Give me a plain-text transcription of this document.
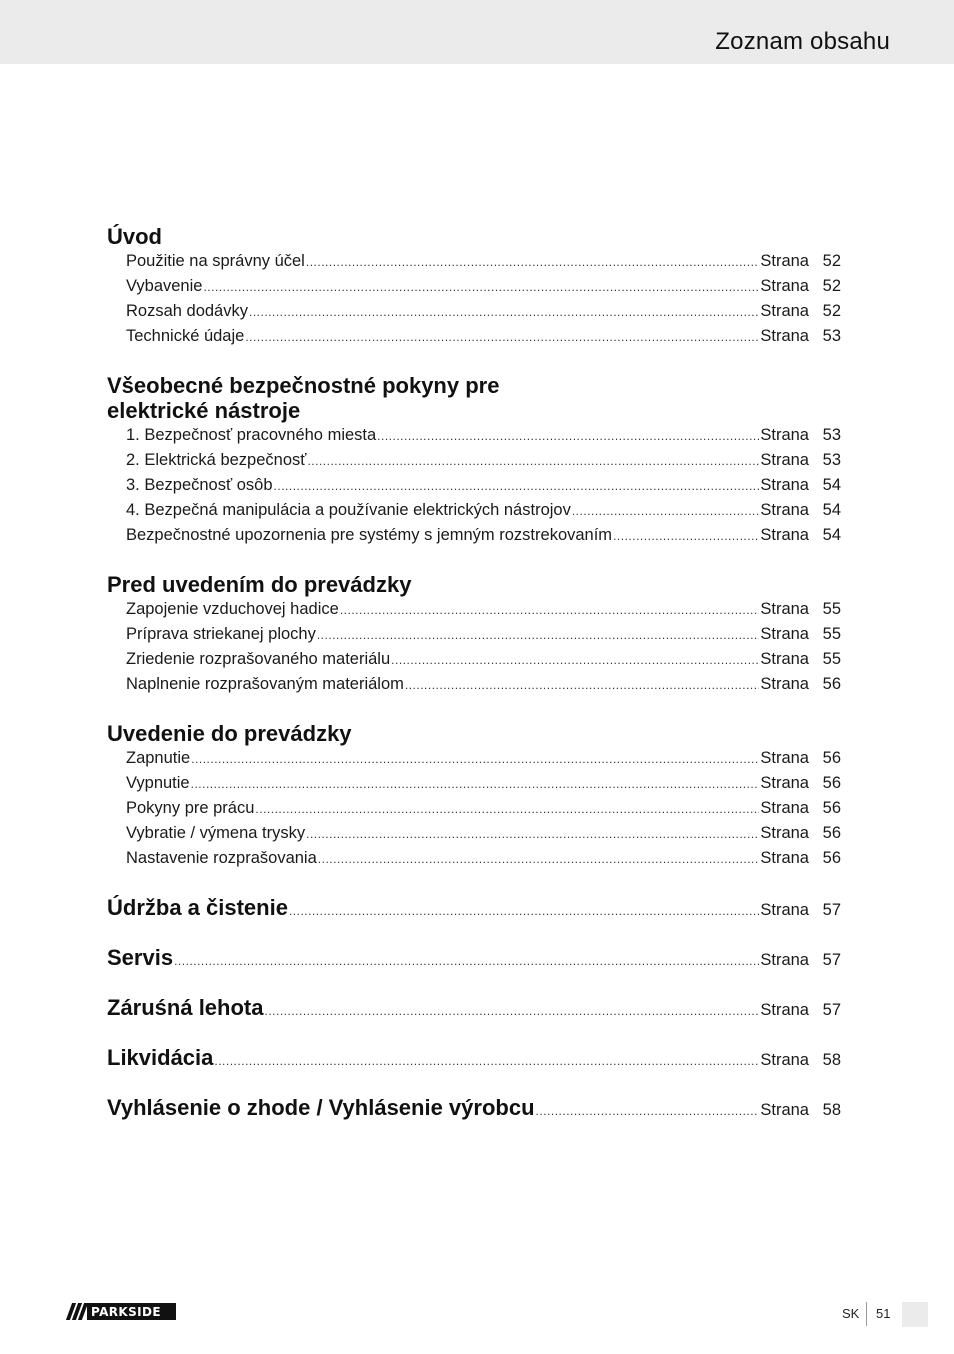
Zoznam obsahu
Úvod
Použitie na správny účel .....	Strana 52
Vybavenie .....	Strana 52
Rozsah dodávky .....	Strana 52
Technické údaje .....	Strana 53
Všeobecné bezpečnostné pokyny pre
elektrické nástroje
1. Bezpečnosť pracovného miesta .....	Strana 53
2. Elektrická bezpečnosť .....	Strana 53
3. Bezpečnosť osôb .....	Strana 54
4. Bezpečná manipulácia a používanie elektrických nástrojov .....	Strana 54
Bezpečnostné upozornenia pre systémy s jemným rozstrekovaním .....	Strana 54
Pred uvedením do prevádzky
Zapojenie vzduchovej hadice .....	Strana 55
Príprava striekanej plochy .....	Strana 55
Zriedenie rozprašovaného materiálu .....	Strana 55
Naplnenie rozprašovaným materiálom .....	Strana 56
Uvedenie do prevádzky
Zapnutie .....	Strana 56
Vypnutie .....	Strana 56
Pokyny pre prácu .....	Strana 56
Vybratie / výmena trysky .....	Strana 56
Nastavenie rozprašovania .....	Strana 56
Údržba a čistenie .....	Strana 57
Servis .....	Strana 57
Záruśná lehota .....	Strana 57
Likvidácia .....	Strana 58
Vyhlásenie o zhode / Vyhlásenie výrobcu .....	Strana 58
PARKSIDE	SK 51
